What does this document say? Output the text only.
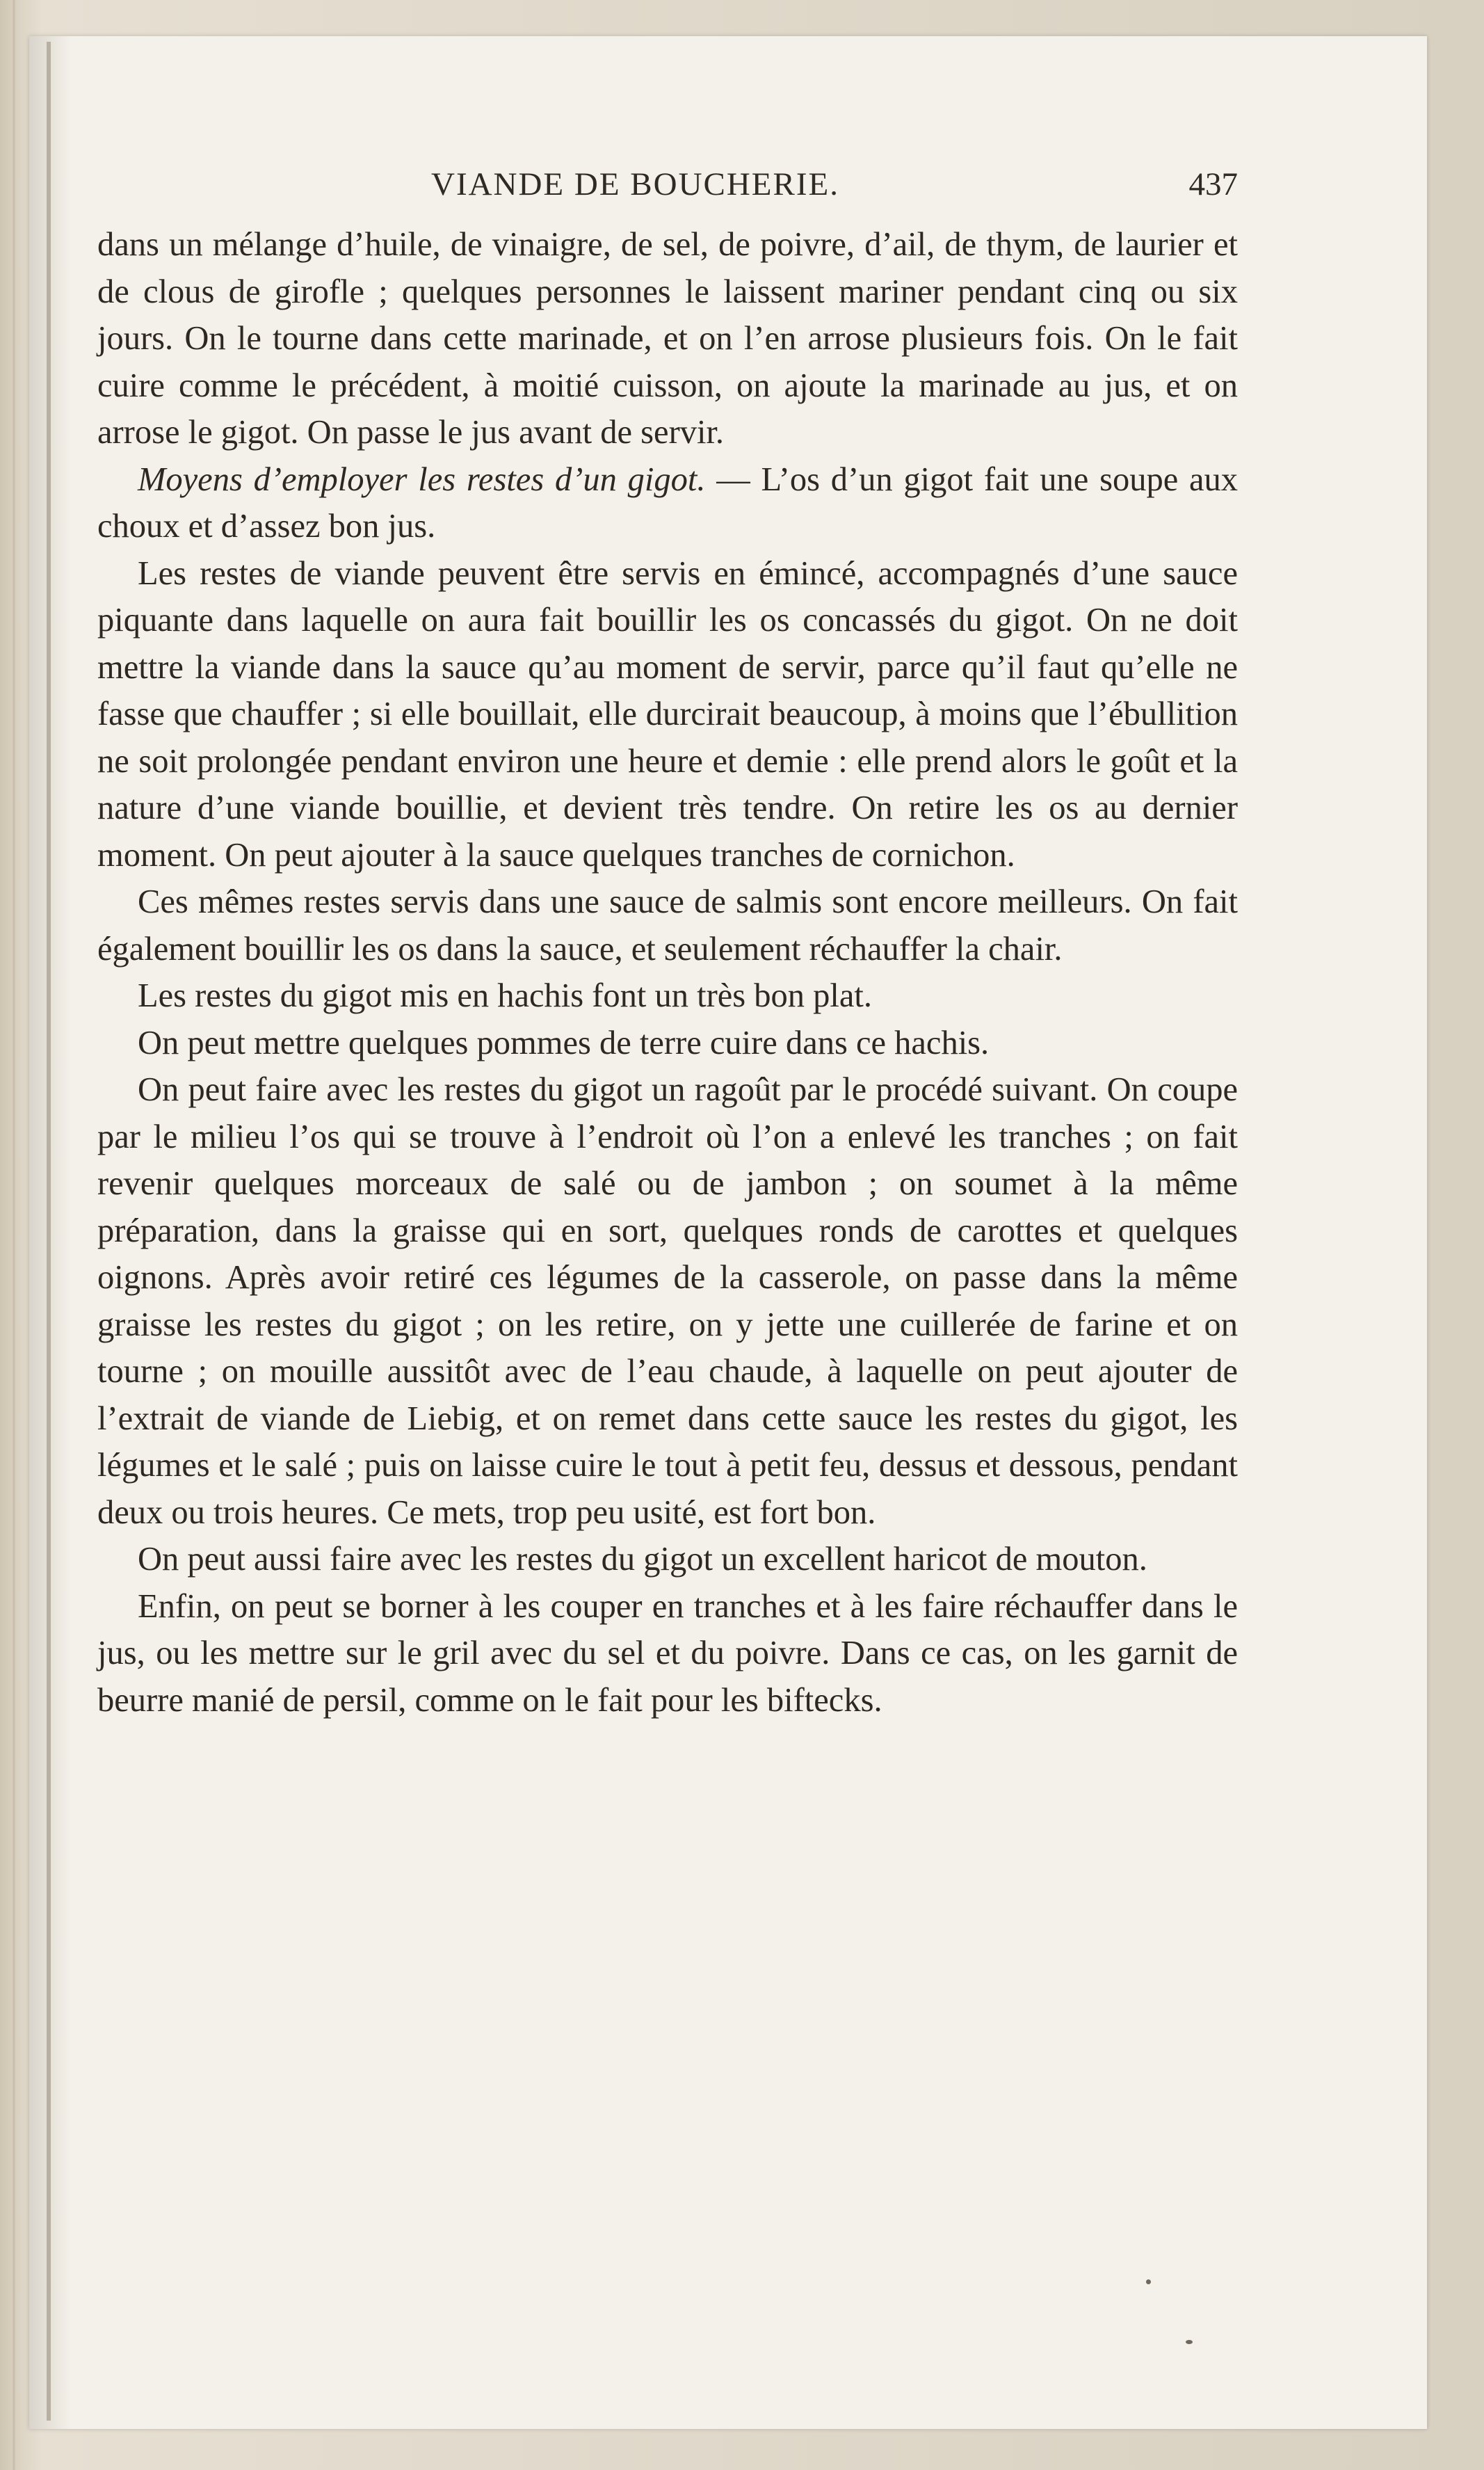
VIANDE DE BOUCHERIE.	437

dans un mélange d’huile, de vinaigre, de sel, de poivre, d’ail, de thym, de laurier et de clous de girofle ; quelques personnes le laissent mariner pendant cinq ou six jours. On le tourne dans cette marinade, et on l’en arrose plusieurs fois. On le fait cuire comme le précédent, à moitié cuisson, on ajoute la marinade au jus, et on arrose le gigot. On passe le jus avant de servir.

Moyens d’employer les restes d’un gigot. — L’os d’un gigot fait une soupe aux choux et d’assez bon jus.

Les restes de viande peuvent être servis en émincé, accompagnés d’une sauce piquante dans laquelle on aura fait bouillir les os concassés du gigot. On ne doit mettre la viande dans la sauce qu’au moment de servir, parce qu’il faut qu’elle ne fasse que chauffer ; si elle bouillait, elle durcirait beaucoup, à moins que l’ébullition ne soit prolongée pendant environ une heure et demie : elle prend alors le goût et la nature d’une viande bouillie, et devient très tendre. On retire les os au dernier moment. On peut ajouter à la sauce quelques tranches de cornichon.

Ces mêmes restes servis dans une sauce de salmis sont encore meilleurs. On fait également bouillir les os dans la sauce, et seulement réchauffer la chair.

Les restes du gigot mis en hachis font un très bon plat.

On peut mettre quelques pommes de terre cuire dans ce hachis.

On peut faire avec les restes du gigot un ragoût par le procédé suivant. On coupe par le milieu l’os qui se trouve à l’endroit où l’on a enlevé les tranches ; on fait revenir quelques morceaux de salé ou de jambon ; on soumet à la même préparation, dans la graisse qui en sort, quelques ronds de carottes et quelques oignons. Après avoir retiré ces légumes de la casserole, on passe dans la même graisse les restes du gigot ; on les retire, on y jette une cuillerée de farine et on tourne ; on mouille aussitôt avec de l’eau chaude, à laquelle on peut ajouter de l’extrait de viande de Liebig, et on remet dans cette sauce les restes du gigot, les légumes et le salé ; puis on laisse cuire le tout à petit feu, dessus et dessous, pendant deux ou trois heures. Ce mets, trop peu usité, est fort bon.

On peut aussi faire avec les restes du gigot un excellent haricot de mouton.

Enfin, on peut se borner à les couper en tranches et à les faire réchauffer dans le jus, ou les mettre sur le gril avec du sel et du poivre. Dans ce cas, on les garnit de beurre manié de persil, comme on le fait pour les biftecks.
